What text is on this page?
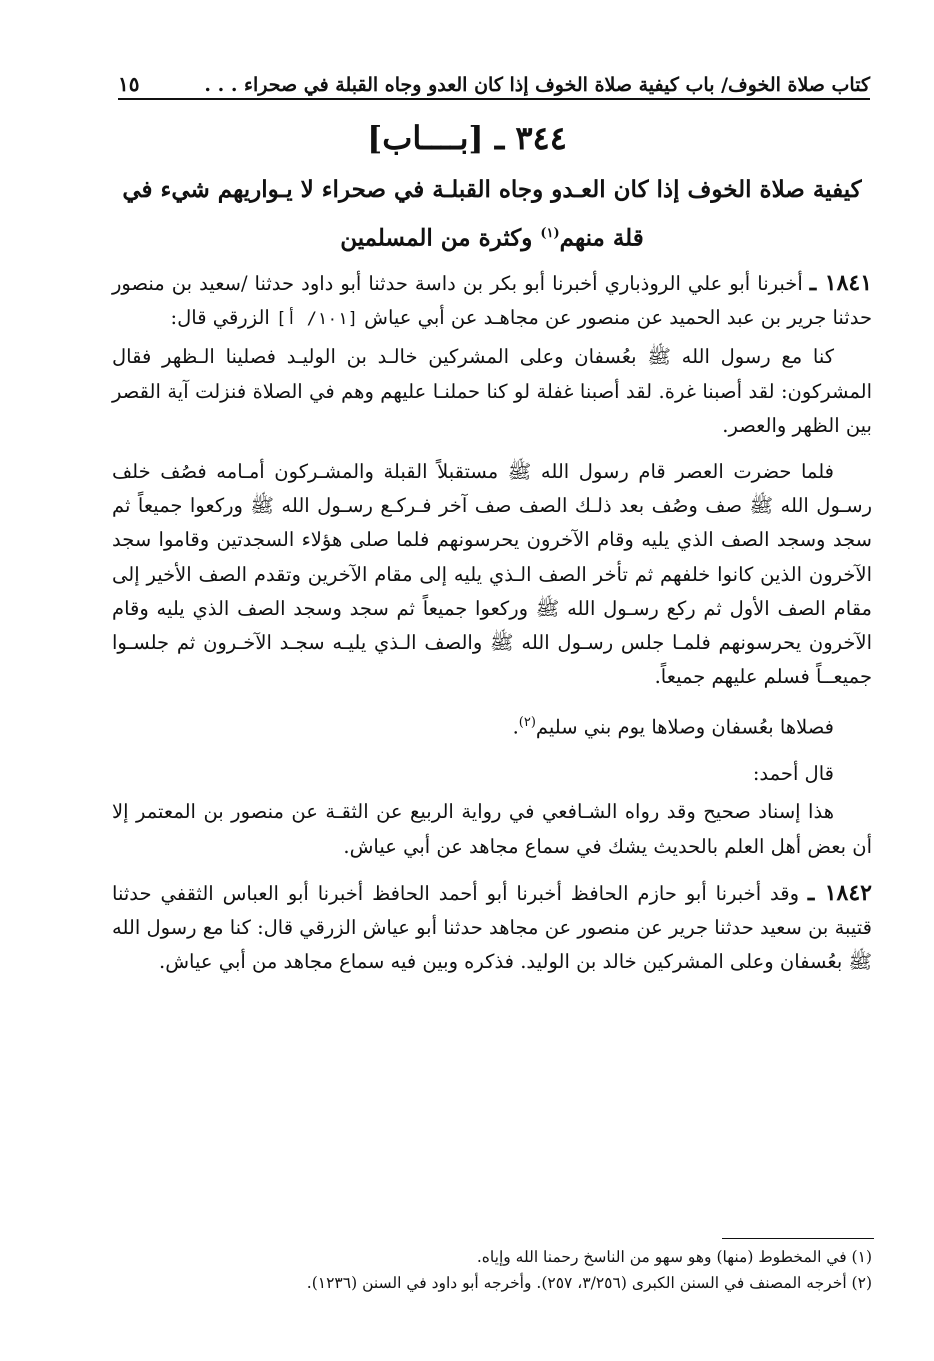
كتاب صلاة الخوف/ باب كيفية صلاة الخوف إذا كان العدو وجاه القبلة في صحراء . . .
١٥
٣٤٤ ـ [بــــاب]
كيفية صلاة الخوف إذا كان العـدو وجاه القبلـة في صحراء لا يـواريهم شيء في قلة منهم$^{(١)}$ وكثرة من المسلمين

١٨٤١ ـ أخبرنا أبو علي الروذباري أخبرنا أبو بكر بن داسة حدثنا أبو داود حدثنا /سعيد بن منصور حدثنا جرير بن عبد الحميد عن منصور عن مجاهـد عن أبي عياش [١٠١/ أ] الزرقي قال:

كنا مع رسول الله ﷺ بعُسفان وعلى المشركين خالـد بن الوليـد فصلينا الـظهر فقال المشركون: لقد أصبنا غرة. لقد أصبنا غفلة لو كنا حملنـا عليهم وهم في الصلاة فنزلت آية القصر بين الظهر والعصر.

فلما حضرت العصر قام رسول الله ﷺ مستقبلاً القبلة والمشـركون أمـامه فصُف خلف رسـول الله ﷺ صف وصُف بعد ذلـك الصف صف آخر فـركـع رسـول الله ﷺ وركعوا جميعاً ثم سجد وسجد الصف الذي يليه وقام الآخرون يحرسونهم فلما صلى هؤلاء السجدتين وقاموا سجد الآخرون الذين كانوا خلفهم ثم تأخر الصف الـذي يليه إلى مقام الآخرين وتقدم الصف الأخير إلى مقام الصف الأول ثم ركع رسـول الله ﷺ وركعوا جميعاً ثم سجد وسجد الصف الذي يليه وقام الآخرون يحرسونهم فلمـا جلس رسـول الله ﷺ والصف الـذي يليـه سجـد الآخـرون ثم جلسـوا جميعــاً فسلم عليهم جميعاً.

فصلاها بعُسفان وصلاها يوم بني سليم$^{(٢)}$.

قال أحمد:

هذا إسناد صحيح وقد رواه الشـافعي في رواية الربيع عن الثقـة عن منصور بن المعتمر إلا أن بعض أهل العلم بالحديث يشك في سماع مجاهد عن أبي عياش.

١٨٤٢ ـ وقد أخبرنا أبو حازم الحافظ أخبرنا أبو أحمد الحافظ أخبرنا أبو العباس الثقفي حدثنا قتيبة بن سعيد حدثنا جرير عن منصور عن مجاهد حدثنا أبو عياش الزرقي قال: كنا مع رسول الله ﷺ بعُسفان وعلى المشركين خالد بن الوليد. فذكره وبين فيه سماع مجاهد من أبي عياش.

(١) في المخطوط (منها) وهو سهو من الناسخ رحمنا الله وإياه.

(٢) أخرجه المصنف في السنن الكبرى (٣/٢٥٦، ٢٥٧). وأخرجه أبو داود في السنن (١٢٣٦).
